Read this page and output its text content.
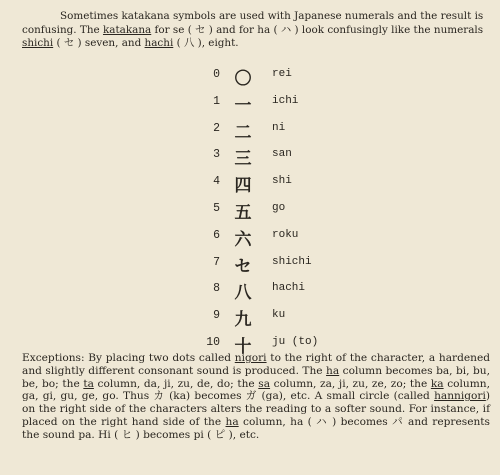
Sometimes katakana symbols are used with Japanese numerals and the result is confusing. The katakana for se ( セ ) and for ha ( ハ ) look confusingly like the numerals shichi ( セ ) seven, and hachi ( 八 ), eight.

0 〇	rei
1 一	ichi
2 二	ni
3 三	san
4 四	shi
5 五	go
6 六	roku
7 セ	shichi
8 八	hachi
9 九	ku
10 十	ju (to)

Exceptions: By placing two dots called nigori to the right of the character, a hardened and slightly different consonant sound is produced. The ha column becomes ba, bi, bu, be, bo; the ta column, da, ji, zu, de, do; the sa column, za, ji, zu, ze, zo; the ka column, ga, gi, gu, ge, go. Thus カ (ka) becomes ガ (ga), etc. A small circle (called hannigori) on the right side of the characters alters the reading to a softer sound. For instance, if placed on the right hand side of the ha column, ha ( ハ ) becomes パ and represents the sound pa. Hi ( ヒ ) becomes pi ( ピ ), etc.
